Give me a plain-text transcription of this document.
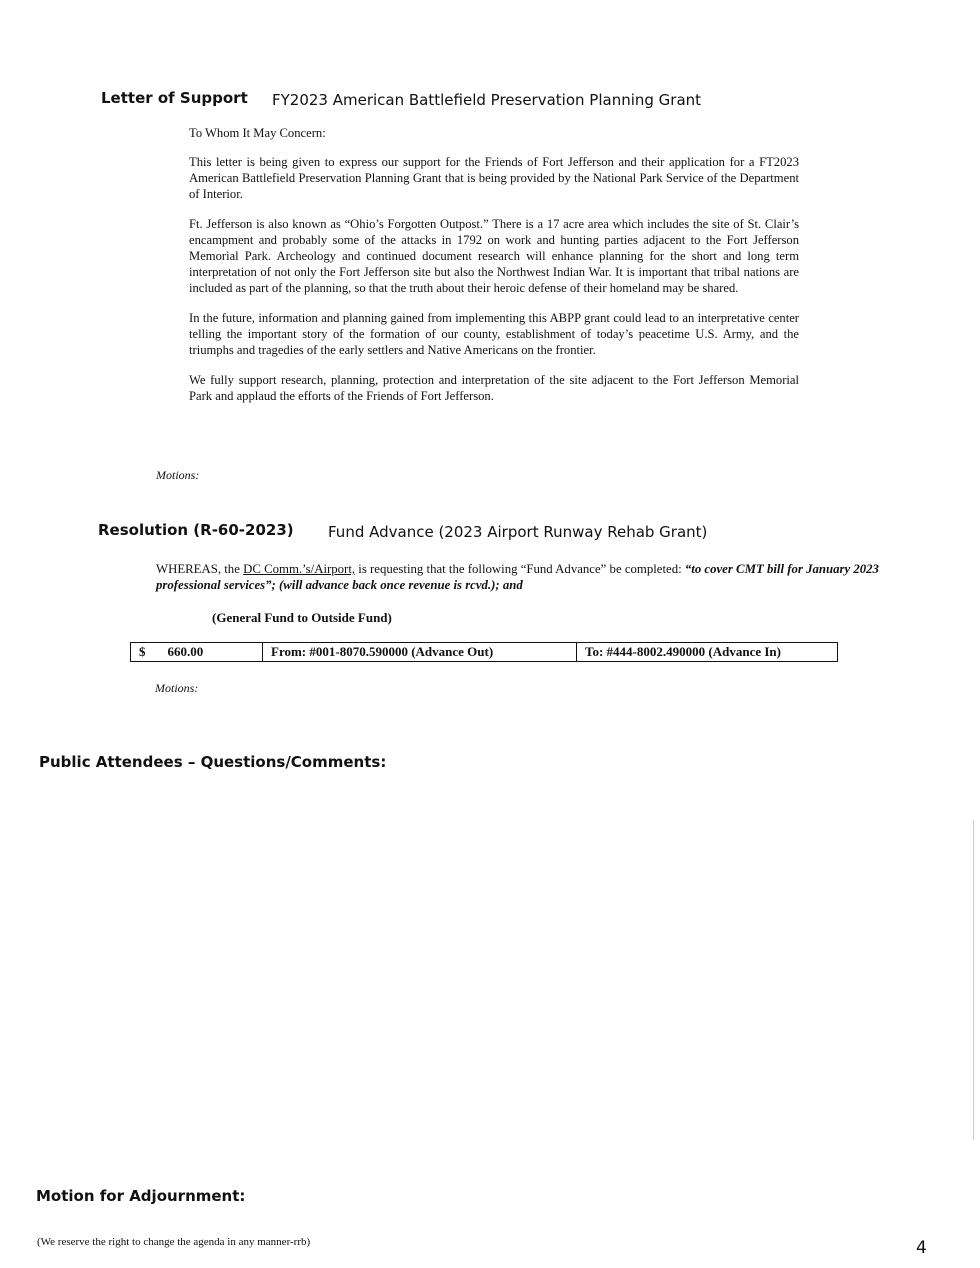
Letter of Support FY2023 American Battlefield Preservation Planning Grant

To Whom It May Concern:

This letter is being given to express our support for the Friends of Fort Jefferson and their application for a FT2023 American Battlefield Preservation Planning Grant that is being provided by the National Park Service of the Department of Interior.

Ft. Jefferson is also known as “Ohio’s Forgotten Outpost.” There is a 17 acre area which includes the site of St. Clair’s encampment and probably some of the attacks in 1792 on work and hunting parties adjacent to the Fort Jefferson Memorial Park. Archeology and continued document research will enhance planning for the short and long term interpretation of not only the Fort Jefferson site but also the Northwest Indian War. It is important that tribal nations are included as part of the planning, so that the truth about their heroic defense of their homeland may be shared.

In the future, information and planning gained from implementing this ABPP grant could lead to an interpretative center telling the important story of the formation of our county, establishment of today’s peacetime U.S. Army, and the triumphs and tragedies of the early settlers and Native Americans on the frontier.

We fully support research, planning, protection and interpretation of the site adjacent to the Fort Jefferson Memorial Park and applaud the efforts of the Friends of Fort Jefferson.

Motions:
Resolution (R-60-2023) Fund Advance (2023 Airport Runway Rehab Grant)

WHEREAS, the DC Comm.’s/Airport, is requesting that the following “Fund Advance” be completed: “to cover CMT bill for January 2023 professional services”; (will advance back once revenue is rcvd.); and

(General Fund to Outside Fund)
$ 660.00	From: #001-8070.590000 (Advance Out)	To: #444-8002.490000 (Advance In)
Motions:
Public Attendees – Questions/Comments:
Motion for Adjournment:
(We reserve the right to change the agenda in any manner-rrb)	4
